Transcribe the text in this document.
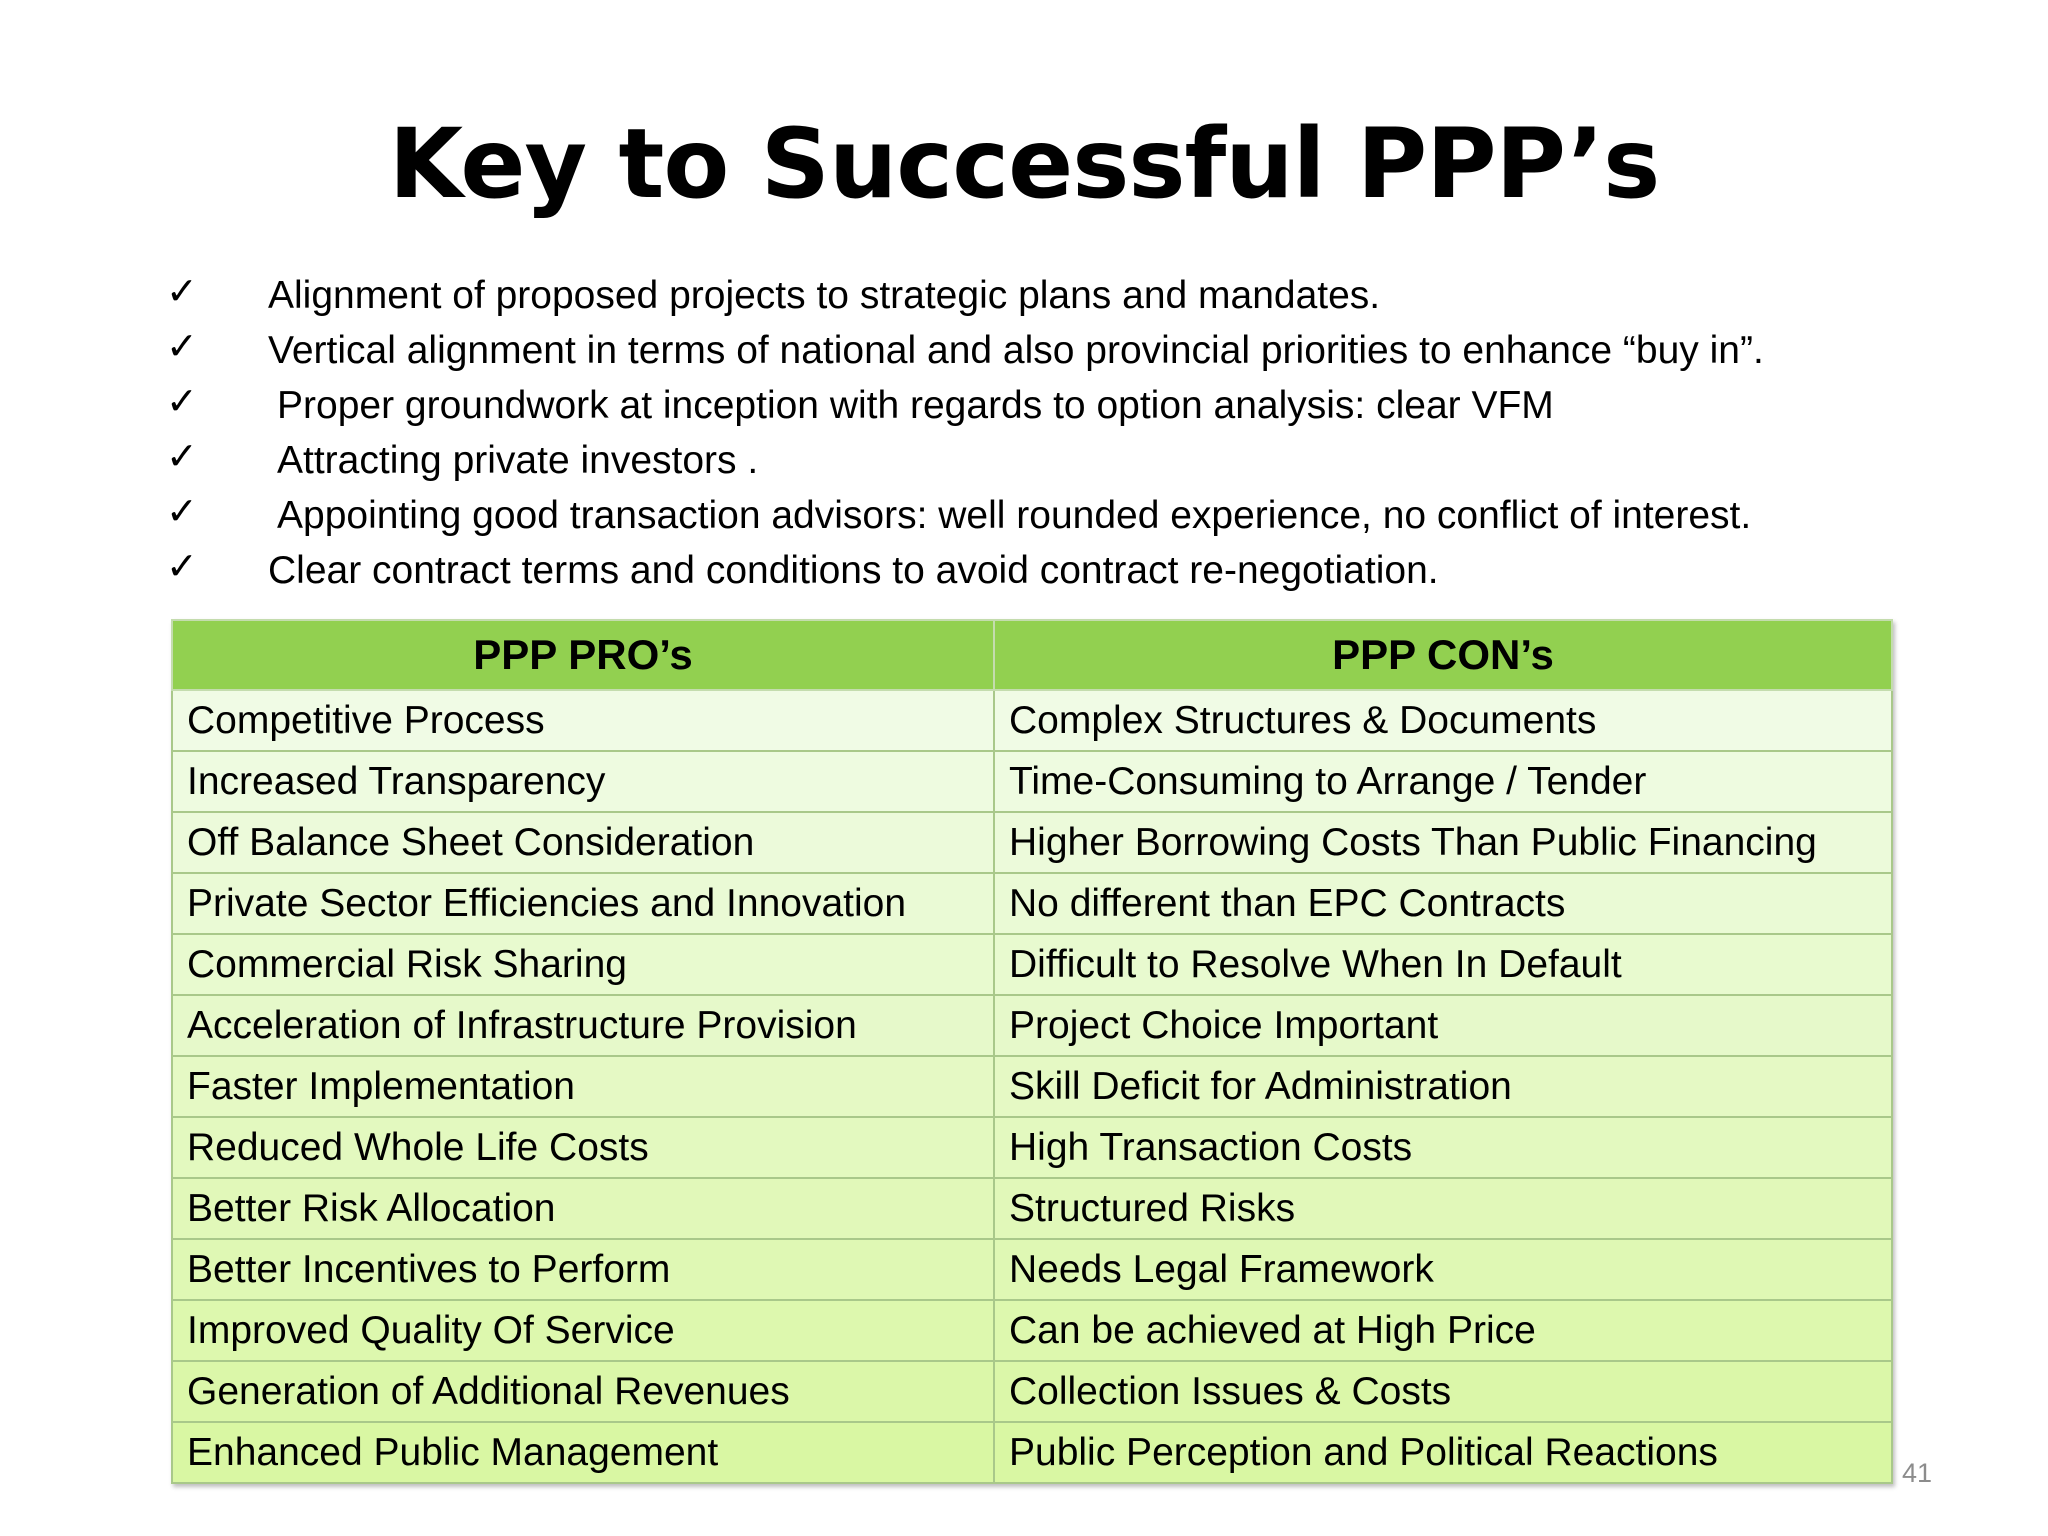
Key to Successful PPP’s
✓ Alignment of proposed projects to strategic plans and mandates.
✓ Vertical alignment in terms of national and also provincial priorities to enhance “buy in”.
✓ Proper groundwork at inception with regards to option analysis: clear VFM
✓ Attracting private investors .
✓ Appointing good transaction advisors: well rounded experience, no conflict of interest.
✓ Clear contract terms and conditions to avoid contract re-negotiation.
PPP PRO’s	PPP CON’s
Competitive Process	Complex Structures & Documents
Increased Transparency	Time-Consuming to Arrange / Tender
Off Balance Sheet Consideration	Higher Borrowing Costs Than Public Financing
Private Sector Efficiencies and Innovation	No different than EPC Contracts
Commercial Risk Sharing	Difficult to Resolve When In Default
Acceleration of Infrastructure Provision	Project Choice Important
Faster Implementation	Skill Deficit for Administration
Reduced Whole Life Costs	High Transaction Costs
Better Risk Allocation	Structured Risks
Better Incentives to Perform	Needs Legal Framework
Improved Quality Of Service	Can be achieved at High Price
Generation of Additional Revenues	Collection Issues & Costs
Enhanced Public Management	Public Perception and Political Reactions	41
